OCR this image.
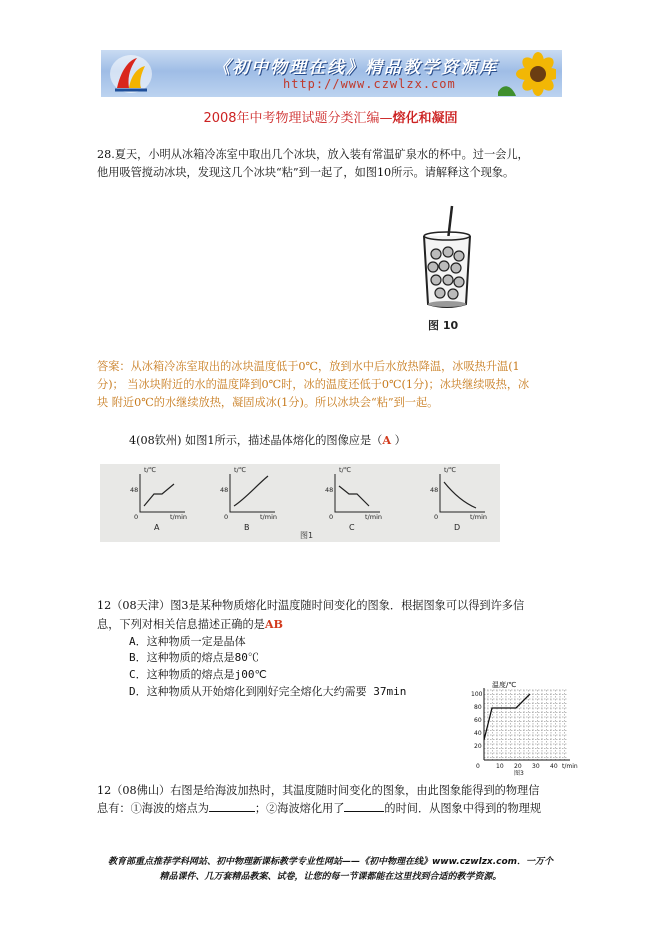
《初中物理在线》精品教学资源库
http://www.czwlzx.com
2008年中考物理试题分类汇编—熔化和凝固
28.夏天，小明从冰箱冷冻室中取出几个冰块，放入装有常温矿泉水的杯中。过一会儿，
他用吸管搅动冰块，发现这几个冰块“粘”到一起了，如图10所示。请解释这个现象。
图 10
答案：从冰箱冷冻室取出的冰块温度低于0℃，放到水中后水放热降温，冰吸热升温(1
分)； 当冰块附近的水的温度降到0℃时，冰的温度还低于0℃(1分)；冰块继续吸热，冰
块 附近0℃的水继续放热，凝固成冰(1分)。所以冰块会“粘”到一起。
4(08钦州) 如图1所示，描述晶体熔化的图像应是（A ）
t/℃
48
0	t/min
A
t/℃
48
0	t/min
B
t/℃
48
0	t/min
C
t/℃
48
0	t/min
D
图1
12（08天津）图3是某种物质熔化时温度随时间变化的图象．根据图象可以得到许多信
息，下列对相关信息描述正确的是AB
A．这种物质一定是晶体
B．这种物质的熔点是80℃
C．这种物质的熔点是j00℃
D．这种物质从开始熔化到刚好完全熔化大约需要 37min	温度/℃
100
80
60
40
20
0	10 20 30 40 t/min
图3
12（08佛山）右图是给海波加热时，其温度随时间变化的图象，由此图象能得到的物理信
息有：①海波的熔点为	；②海波熔化用了	的时间．从图象中得到的物理规
教育部重点推荐学科网站、初中物理新课标教学专业性网站——《初中物理在线》www.czwlzx.com．一万个
精品课件、几万套精品教案、试卷，让您的每一节课都能在这里找到合适的教学资源。
